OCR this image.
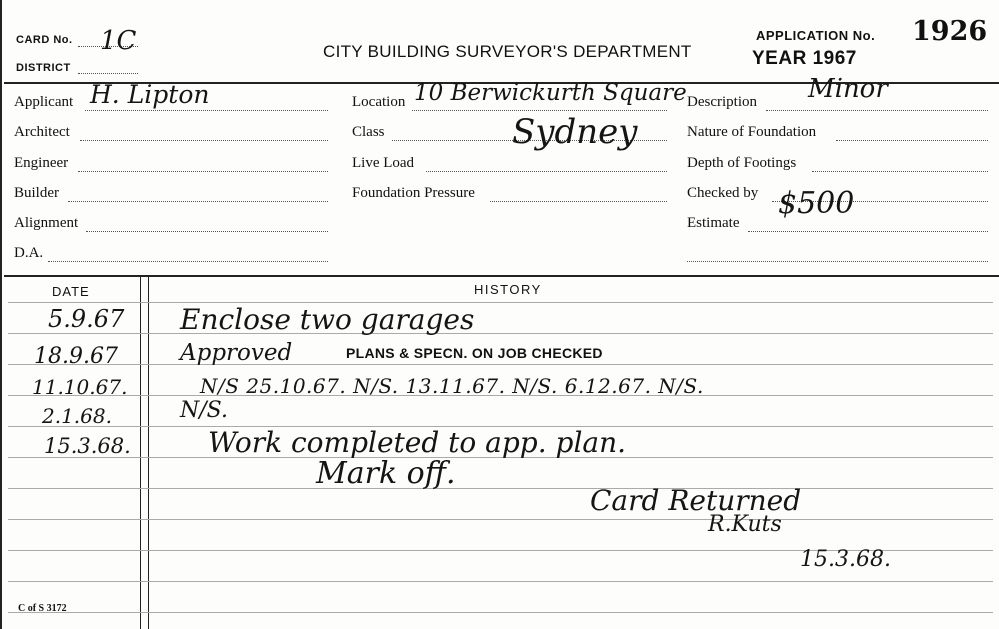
CARD No. 1C
DISTRICT
CITY BUILDING SURVEYOR'S DEPARTMENT
APPLICATION No. 1926
YEAR 1967
Applicant H. Lipton
Architect
Engineer
Builder
Alignment
D.A.
Location 10 Berwickurth Square
Class	Sydney
Live Load
Foundation Pressure
Description Minor
Nature of Foundation
Depth of Footings
Checked by
Estimate
$500
DATE	HISTORY
5.9.67 Enclose two garages
18.9.67	Approved	PLANS & SPECN. ON JOB CHECKED
11.10.67.	N/S 25.10.67. N/S. 13.11.67. N/S. 6.12.67. N/S.
2.1.68.	N/S.
15.3.68.	Work completed to app. plan.
Mark off.
Card Returned
R.Kuts
15.3.68.
C of S 3172
